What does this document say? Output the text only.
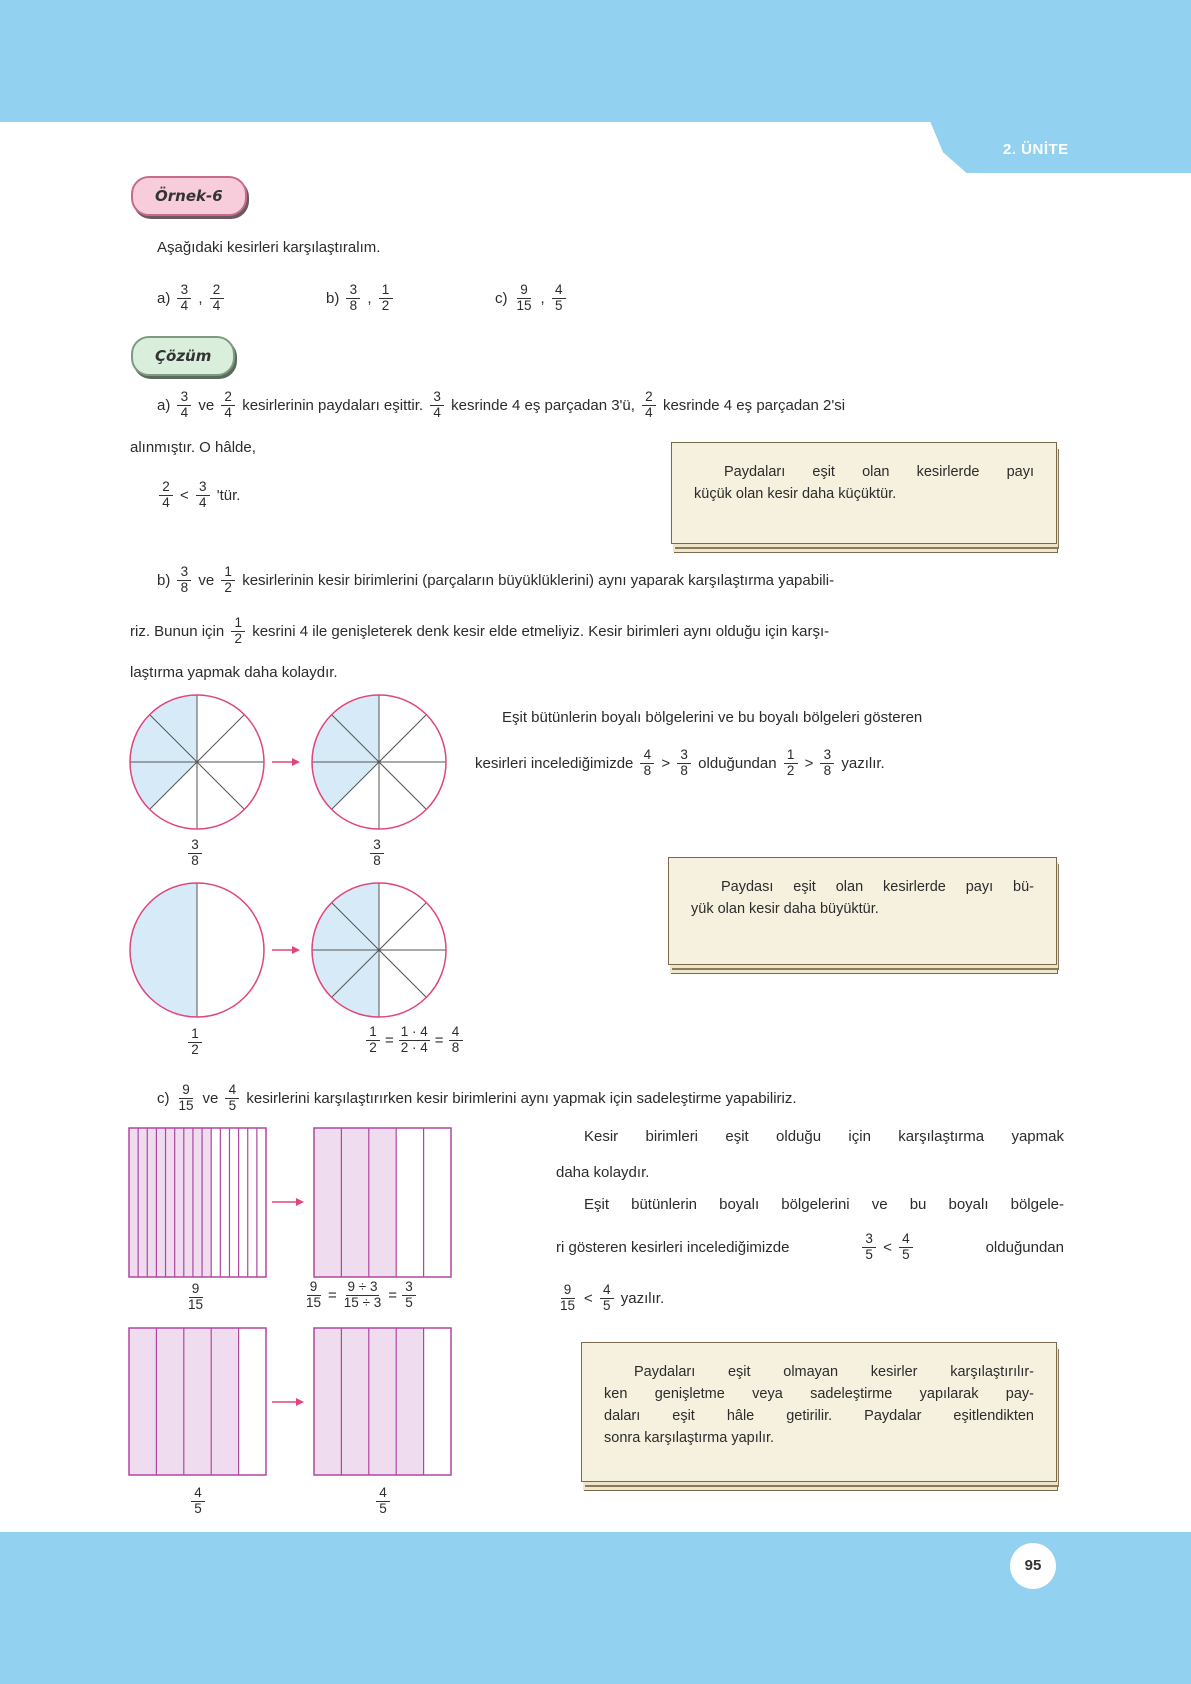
2. ÜNİTE
Örnek-6
Aşağıdaki kesirleri karşılaştıralım.
$a) \frac{3}{4}$ , $\frac{2}{4}$	$b) \frac{3}{8}$ , $\frac{1}{2}$	$c) \frac{9}{15}$ , $\frac{4}{5}$
Çözüm
$a) \frac{3}{4}$ ve $\frac{2}{4}$ kesirlerinin paydaları eşittir. $\frac{3}{4}$ kesrinde 4 eş parçadan 3'ü, $\frac{2}{4}$ kesrinde 4 eş parçadan 2'si
alınmıştır. O hâlde,
$\frac{2}{4} < \frac{3}{4}$ 'tür.
Paydaları eşit olan kesirlerde payı
küçük olan kesir daha küçüktür.
$b) \frac{3}{8}$ ve $\frac{1}{2}$ kesirlerinin kesir birimlerini (parçaların büyüklüklerini) aynı yaparak karşılaştırma yapabili-
riz. Bunun için $\frac{1}{2}$ kesrini 4 ile genişleterek denk kesir elde etmeliyiz. Kesir birimleri aynı olduğu için karşı-
laştırma yapmak daha kolaydır.
Eşit bütünlerin boyalı bölgelerini ve bu boyalı bölgeleri gösteren
kesirleri incelediğimizde $\frac{4}{8} > \frac{3}{8}$ olduğundan $\frac{1}{2} > \frac{3}{8}$ yazılır.
$\frac{3}{8}$	$\frac{3}{8}$
$\frac{1}{2}$	$\frac{1}{2} = \frac{1 \cdot 4}{2 \cdot 4} = \frac{4}{8}$
Paydası eşit olan kesirlerde payı bü-
yük olan kesir daha büyüktür.
$c) \frac{9}{15}$ ve $\frac{4}{5}$ kesirlerini karşılaştırırken kesir birimlerini aynı yapmak için sadeleştirme yapabiliriz.
Kesir birimleri eşit olduğu için karşılaştırma yapmak
daha kolaydır.
Eşit bütünlerin boyalı bölgelerini ve bu boyalı bölgele-
ri gösteren kesirleri incelediğimizde	$\frac{3}{5} < \frac{4}{5}$	olduğundan
$\frac{9}{15} < \frac{4}{5}$ yazılır.
$\frac{9}{15}$	$\frac{9}{15} = \frac{9 \div 3}{15 \div 3} = \frac{3}{5}$
$\frac{4}{5}$	$\frac{4}{5}$
Paydaları eşit olmayan kesirler karşılaştırılır-
ken genişletme veya sadeleştirme yapılarak pay-
daları eşit hâle getirilir. Paydalar eşitlendikten
sonra karşılaştırma yapılır.
95
